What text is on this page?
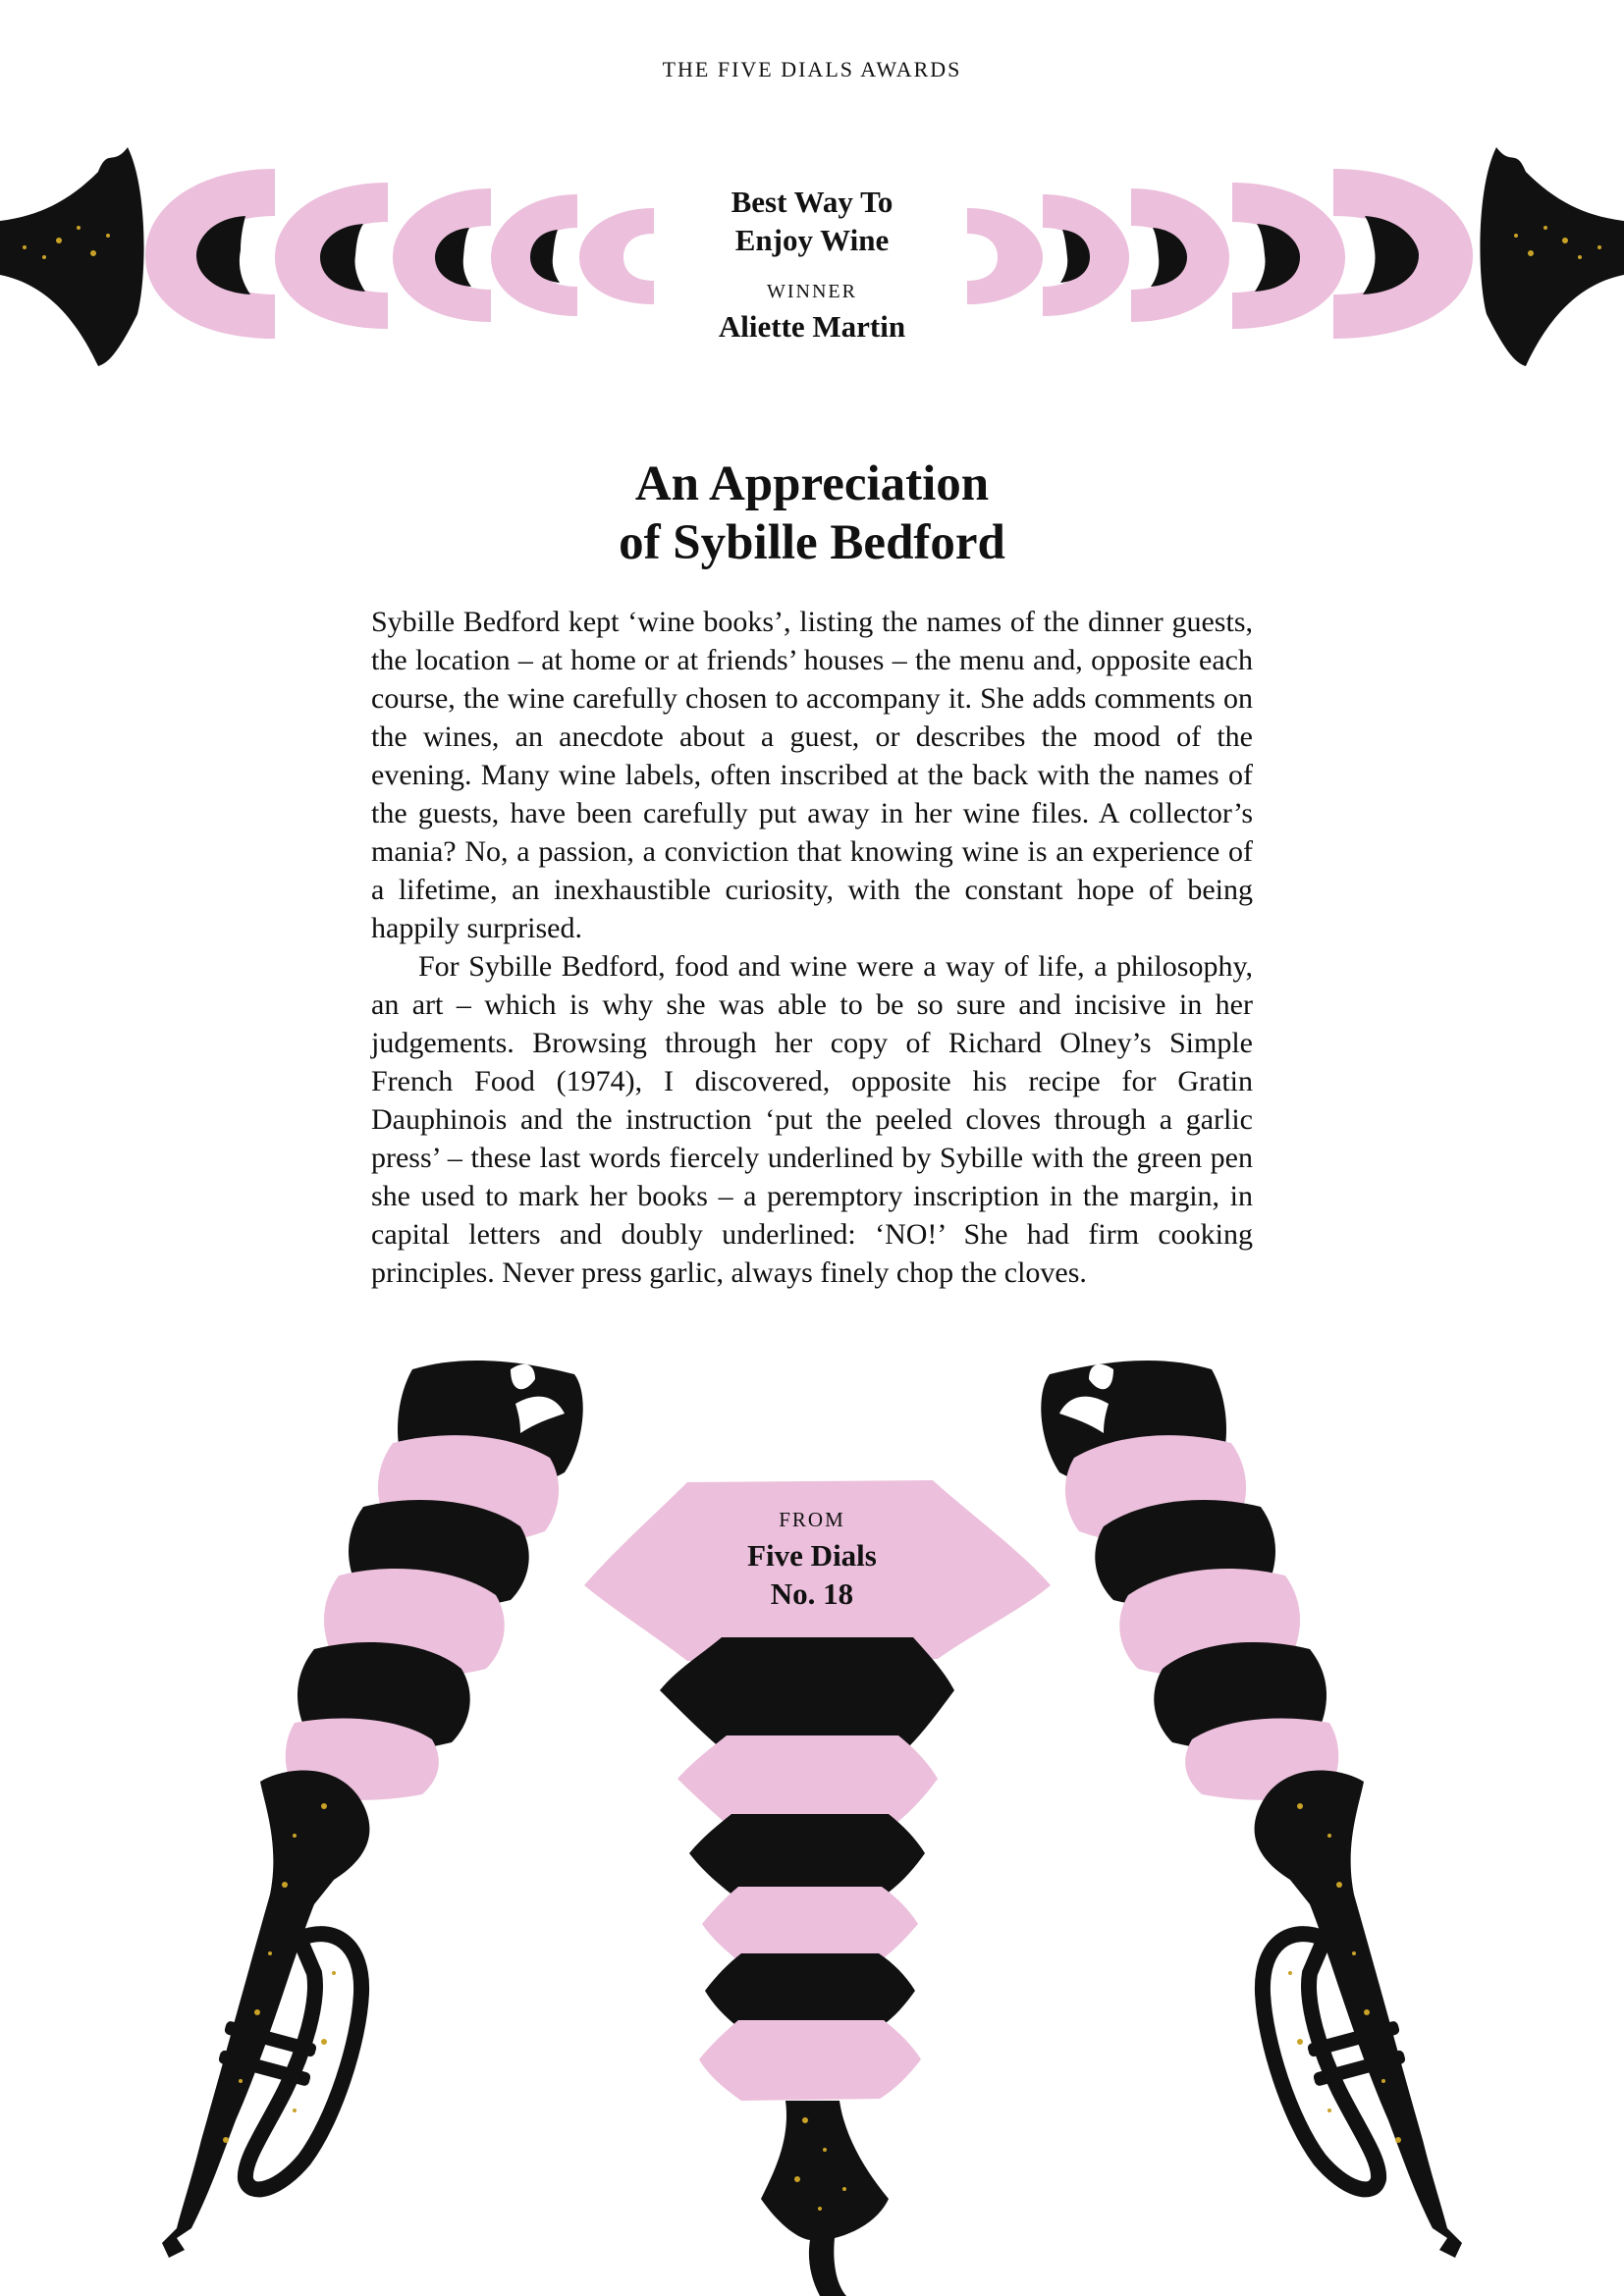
THE FIVE DIALS AWARDS
Best Way To
Enjoy Wine
WINNER
Aliette Martin
An Appreciation
of Sybille Bedford

Sybille Bedford kept ‘wine books’, listing the names of the dinner guests, the location – at home or at friends’ houses – the menu and, opposite each course, the wine carefully chosen to accompany it. She adds comments on the wines, an anecdote about a guest, or describes the mood of the evening. Many wine labels, often inscribed at the back with the names of the guests, have been carefully put away in her wine files. A collector’s mania? No, a passion, a conviction that knowing wine is an experience of a lifetime, an inexhaustible curiosity, with the constant hope of being happily surprised.

For Sybille Bedford, food and wine were a way of life, a philosophy, an art – which is why she was able to be so sure and incisive in her judgements. Browsing through her copy of Richard Olney’s Simple French Food (1974), I discovered, opposite his recipe for Gratin Dauphinois and the instruction ‘put the peeled cloves through a garlic press’ – these last words fiercely underlined by Sybille with the green pen she used to mark her books – a peremptory inscription in the margin, in capital letters and doubly underlined: ‘NO!’ She had firm cooking principles. Never press garlic, always finely chop the cloves.

FROM
Five Dials
No. 18
